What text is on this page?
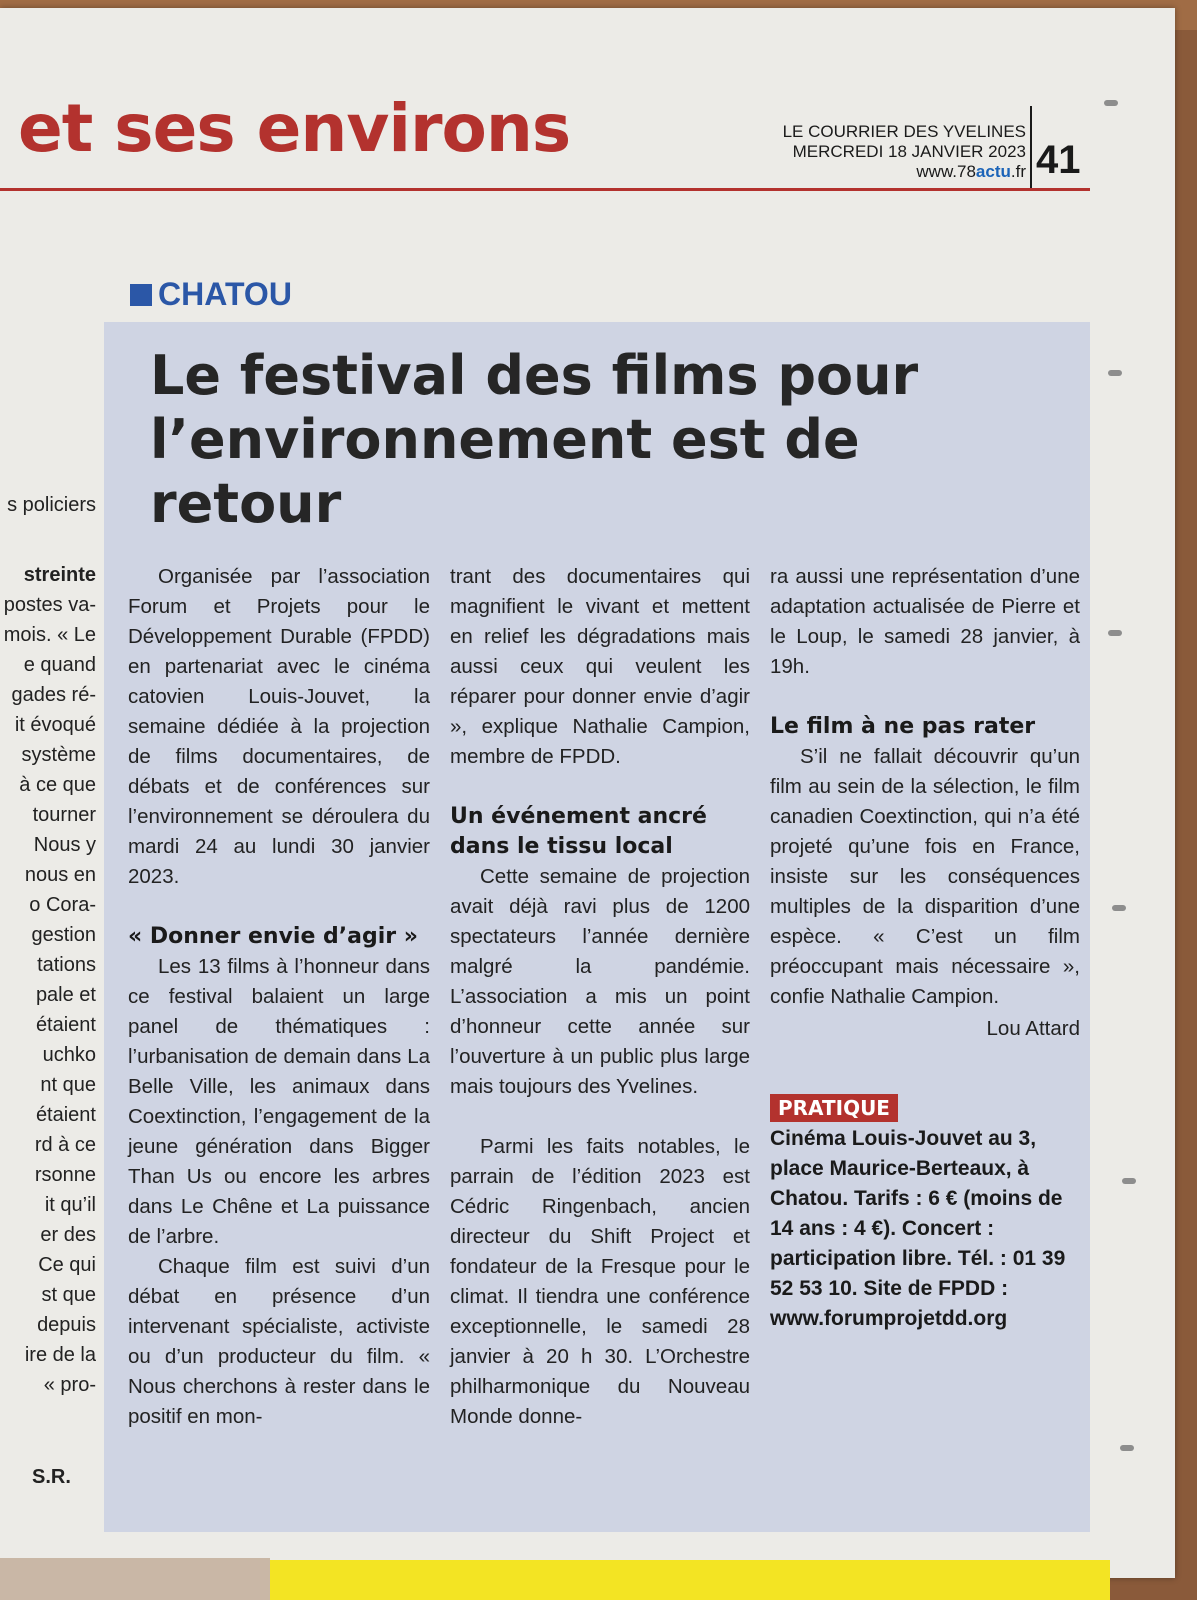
et ses environs	LE COURRIER DES YVELINES
MERCREDI 18 JANVIER 2023
www.78actu.fr 41
s policiers
streinte
postes va-
mois. « Le
e quand
gades ré-
it évoqué
système
à ce que
tourner
Nous y
nous en
o Cora-
gestion
tations
pale et
étaient
uchko
nt que
étaient
rd à ce
rsonne
it qu’il
er des
Ce qui
st que
depuis
ire de la
« pro-
S.R.
CHATOU
Le festival des films pour l’environnement est de retour

Organisée par l’association Forum et Projets pour le Développement Durable (FPDD) en partenariat avec le cinéma catovien Louis-Jouvet, la semaine dédiée à la projection de films documentaires, de débats et de conférences sur l’environnement se déroulera du mardi 24 au lundi 30 janvier 2023.

« Donner envie d’agir »

Les 13 films à l’honneur dans ce festival balaient un large panel de thématiques : l’urbanisation de demain dans La Belle Ville, les animaux dans Coextinction, l’engagement de la jeune génération dans Bigger Than Us ou encore les arbres dans Le Chêne et La puissance de l’arbre.

Chaque film est suivi d’un débat en présence d’un intervenant spécialiste, activiste ou d’un producteur du film. « Nous cherchons à rester dans le positif en mon-

trant des documentaires qui magnifient le vivant et mettent en relief les dégradations mais aussi ceux qui veulent les réparer pour donner envie d’agir », explique Nathalie Campion, membre de FPDD.

Un événement ancré dans le tissu local

Cette semaine de projection avait déjà ravi plus de 1200 spectateurs l’année dernière malgré la pandémie. L’association a mis un point d’honneur cette année sur l’ouverture à un public plus large mais toujours des Yvelines.

Parmi les faits notables, le parrain de l’édition 2023 est Cédric Ringenbach, ancien directeur du Shift Project et fondateur de la Fresque pour le climat. Il tiendra une conférence exceptionnelle, le samedi 28 janvier à 20 h 30. L’Orchestre philharmonique du Nouveau Monde donne-

ra aussi une représentation d’une adaptation actualisée de Pierre et le Loup, le samedi 28 janvier, à 19h.

Le film à ne pas rater

S’il ne fallait découvrir qu’un film au sein de la sélection, le film canadien Coextinction, qui n’a été projeté qu’une fois en France, insiste sur les conséquences multiples de la disparition d’une espèce. « C’est un film préoccupant mais nécessaire », confie Nathalie Campion.

Lou Attard

PRATIQUE

Cinéma Louis-Jouvet au 3, place Maurice-Berteaux, à Chatou. Tarifs : 6 € (moins de 14 ans : 4 €). Concert : participation libre. Tél. : 01 39 52 53 10. Site de FPDD : www.forumprojetdd.org
